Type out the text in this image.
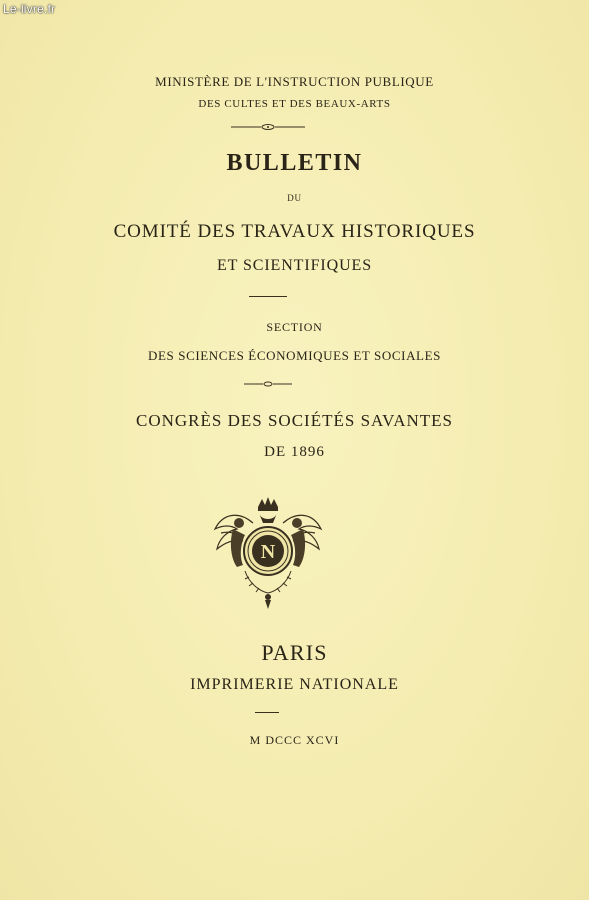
Le-livre.fr
MINISTÈRE DE L'INSTRUCTION PUBLIQUE
DES CULTES ET DES BEAUX-ARTS
BULLETIN
DU
COMITÉ DES TRAVAUX HISTORIQUES
ET SCIENTIFIQUES
SECTION
DES SCIENCES ÉCONOMIQUES ET SOCIALES
CONGRÈS DES SOCIÉTÉS SAVANTES
DE 1896
N
PARIS
IMPRIMERIE NATIONALE
M DCCC XCVI
